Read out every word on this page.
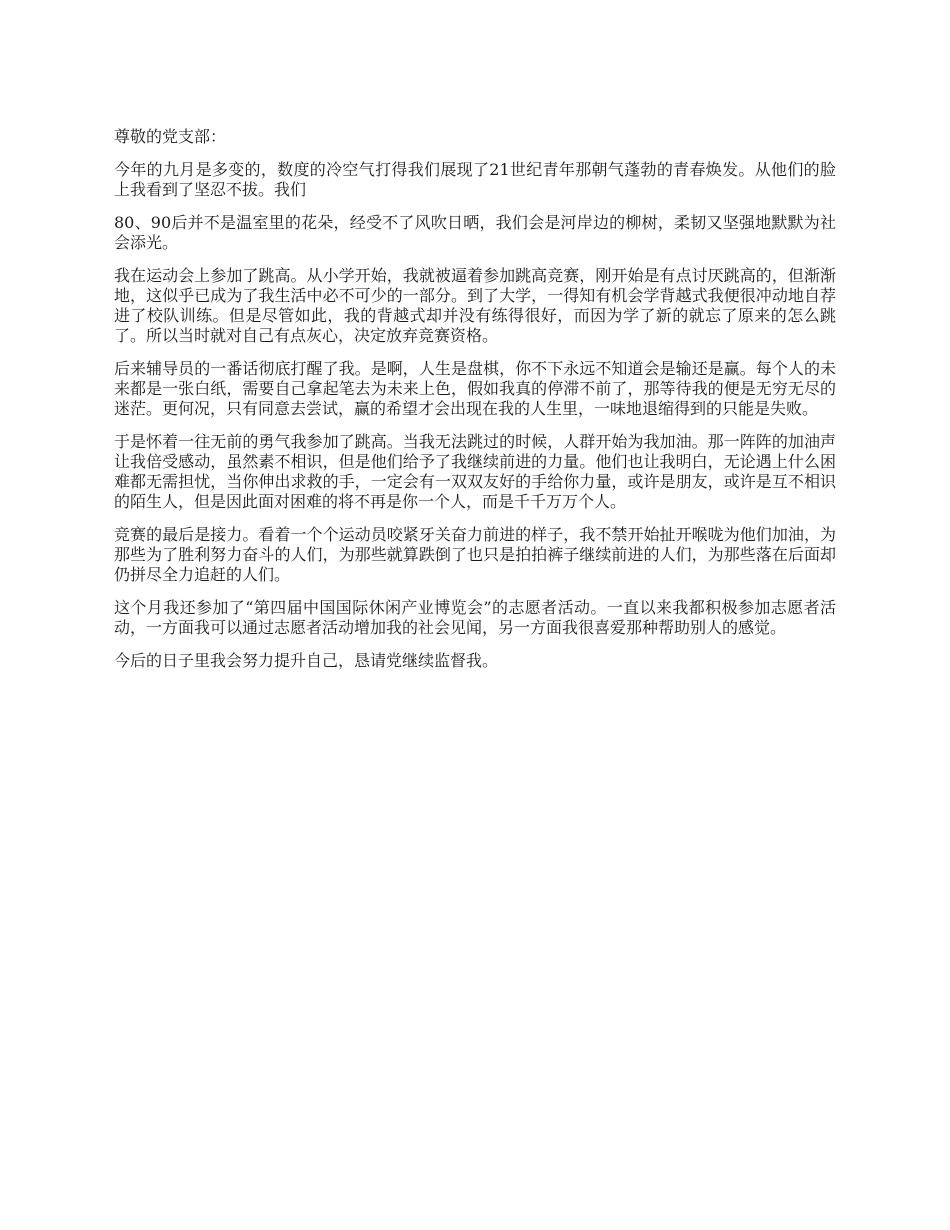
尊敬的党支部：

今年的九月是多变的，数度的冷空气打得我们展现了21世纪青年那朝气蓬勃的青春焕发。从他们的脸上我看到了坚忍不拔。我们

80、90后并不是温室里的花朵，经受不了风吹日晒，我们会是河岸边的柳树，柔韧又坚强地默默为社会添光。

我在运动会上参加了跳高。从小学开始，我就被逼着参加跳高竞赛，刚开始是有点讨厌跳高的，但渐渐地，这似乎已成为了我生活中必不可少的一部分。到了大学，一得知有机会学背越式我便很冲动地自荐进了校队训练。但是尽管如此，我的背越式却并没有练得很好，而因为学了新的就忘了原来的怎么跳了。所以当时就对自己有点灰心，决定放弃竞赛资格。

后来辅导员的一番话彻底打醒了我。是啊，人生是盘棋，你不下永远不知道会是输还是赢。每个人的未来都是一张白纸，需要自己拿起笔去为未来上色，假如我真的停滞不前了，那等待我的便是无穷无尽的迷茫。更何况，只有同意去尝试，赢的希望才会出现在我的人生里，一味地退缩得到的只能是失败。

于是怀着一往无前的勇气我参加了跳高。当我无法跳过的时候，人群开始为我加油。那一阵阵的加油声让我倍受感动，虽然素不相识，但是他们给予了我继续前进的力量。他们也让我明白，无论遇上什么困难都无需担忧，当你伸出求救的手，一定会有一双双友好的手给你力量，或许是朋友，或许是互不相识的陌生人，但是因此面对困难的将不再是你一个人，而是千千万万个人。

竞赛的最后是接力。看着一个个运动员咬紧牙关奋力前进的样子，我不禁开始扯开喉咙为他们加油，为那些为了胜利努力奋斗的人们，为那些就算跌倒了也只是拍拍裤子继续前进的人们，为那些落在后面却仍拼尽全力追赶的人们。

这个月我还参加了“第四届中国国际休闲产业博览会”的志愿者活动。一直以来我都积极参加志愿者活动，一方面我可以通过志愿者活动增加我的社会见闻，另一方面我很喜爱那种帮助别人的感觉。

今后的日子里我会努力提升自己，恳请党继续监督我。
